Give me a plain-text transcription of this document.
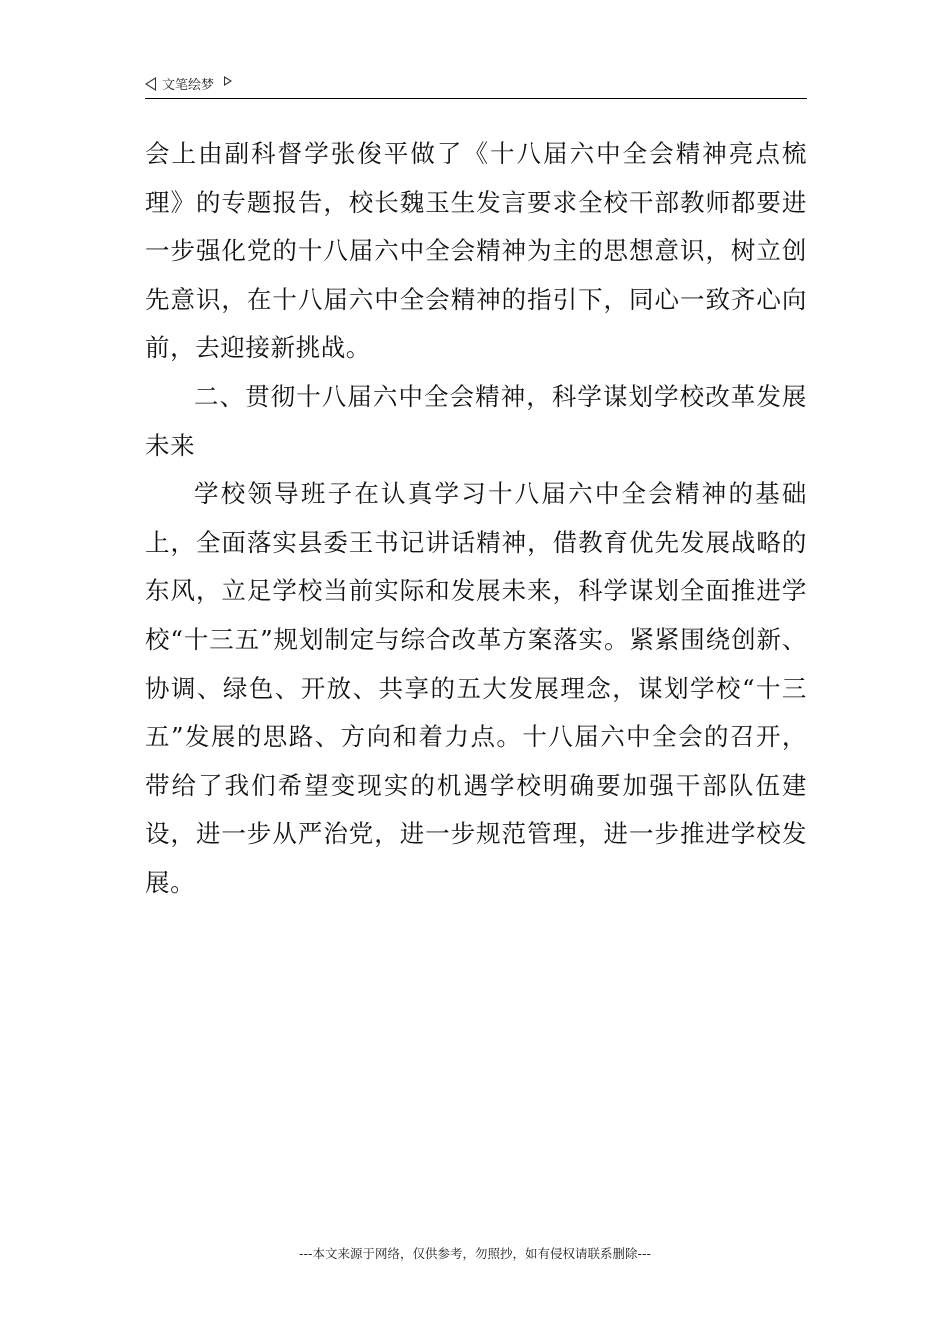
文笔绘梦

会上由副科督学张俊平做了《十八届六中全会精神亮点梳理》的专题报告，校长魏玉生发言要求全校干部教师都要进一步强化党的十八届六中全会精神为主的思想意识，树立创先意识，在十八届六中全会精神的指引下，同心一致齐心向前，去迎接新挑战。

二、贯彻十八届六中全会精神，科学谋划学校改革发展未来

学校领导班子在认真学习十八届六中全会精神的基础上，全面落实县委王书记讲话精神，借教育优先发展战略的东风，立足学校当前实际和发展未来，科学谋划全面推进学校“十三五”规划制定与综合改革方案落实。紧紧围绕创新、协调、绿色、开放、共享的五大发展理念，谋划学校“十三五”发展的思路、方向和着力点。十八届六中全会的召开，带给了我们希望变现实的机遇学校明确要加强干部队伍建设，进一步从严治党，进一步规范管理，进一步推进学校发展。

---本文来源于网络，仅供参考，勿照抄，如有侵权请联系删除---
